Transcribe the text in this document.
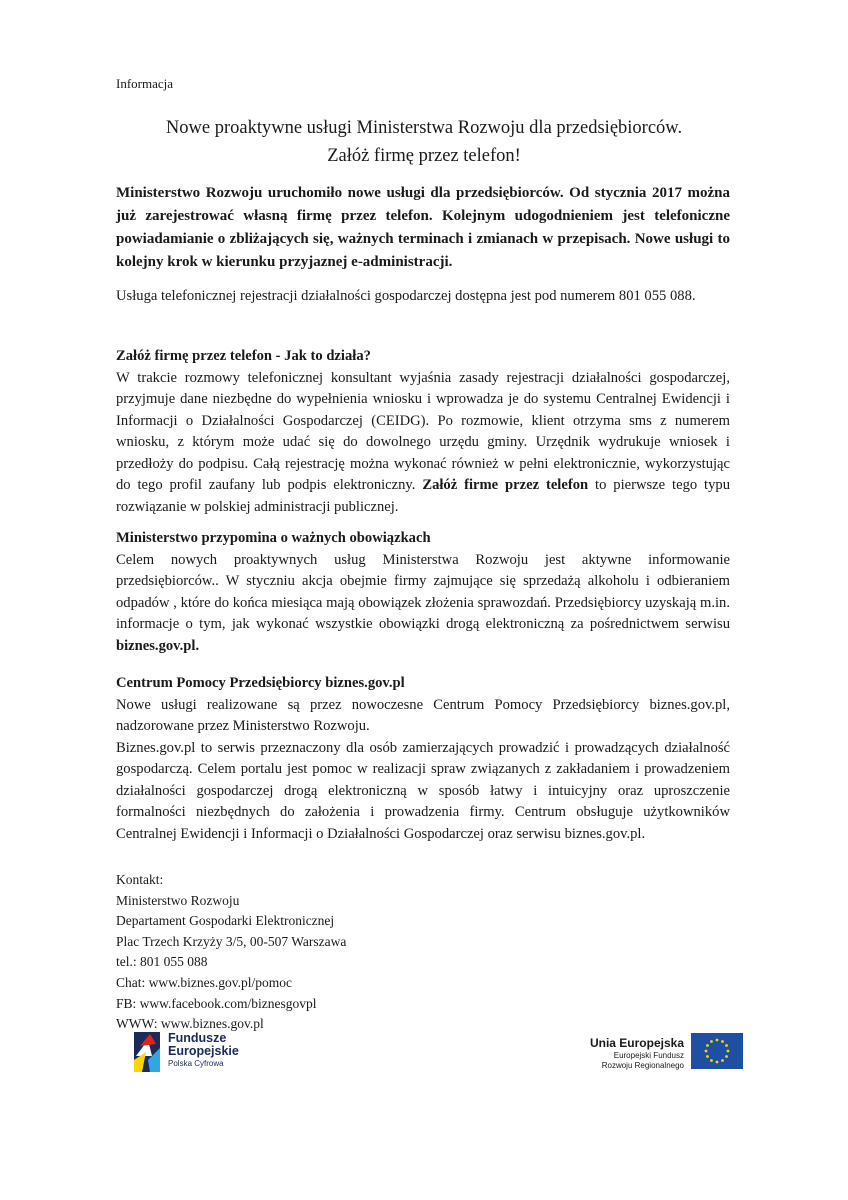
Informacja
Nowe proaktywne usługi Ministerstwa Rozwoju dla przedsiębiorców.
Załóż firmę przez telefon!
Ministerstwo Rozwoju uruchomiło nowe usługi dla przedsiębiorców. Od stycznia 2017 można już zarejestrować własną firmę przez telefon. Kolejnym udogodnieniem jest telefoniczne powiadamianie o zbliżających się, ważnych terminach i zmianach w przepisach. Nowe usługi to kolejny krok w kierunku przyjaznej e-administracji.

Usługa telefonicznej rejestracji działalności gospodarczej dostępna jest pod numerem 801 055 088.

Załóż firmę przez telefon - Jak to działa?

W trakcie rozmowy telefonicznej konsultant wyjaśnia zasady rejestracji działalności gospodarczej, przyjmuje dane niezbędne do wypełnienia wniosku i wprowadza je do systemu Centralnej Ewidencji i Informacji o Działalności Gospodarczej (CEIDG). Po rozmowie, klient otrzyma sms z numerem wniosku, z którym może udać się do dowolnego urzędu gminy. Urzędnik wydrukuje wniosek i przedłoży do podpisu. Całą rejestrację można wykonać również w pełni elektronicznie, wykorzystując do tego profil zaufany lub podpis elektroniczny. Załóż firme przez telefon to pierwsze tego typu rozwiązanie w polskiej administracji publicznej.

Ministerstwo przypomina o ważnych obowiązkach

Celem nowych proaktywnych usług Ministerstwa Rozwoju jest aktywne informowanie przedsiębiorców.. W styczniu akcja obejmie firmy zajmujące się sprzedażą alkoholu i odbieraniem odpadów , które do końca miesiąca mają obowiązek złożenia sprawozdań. Przedsiębiorcy uzyskają m.in. informacje o tym, jak wykonać wszystkie obowiązki drogą elektroniczną za pośrednictwem serwisu biznes.gov.pl.

Centrum Pomocy Przedsiębiorcy biznes.gov.pl

Nowe usługi realizowane są przez nowoczesne Centrum Pomocy Przedsiębiorcy biznes.gov.pl, nadzorowane przez Ministerstwo Rozwoju.

Biznes.gov.pl to serwis przeznaczony dla osób zamierzających prowadzić i prowadzących działalność gospodarczą. Celem portalu jest pomoc w realizacji spraw związanych z zakładaniem i prowadzeniem działalności gospodarczej drogą elektroniczną w sposób łatwy i intuicyjny oraz uproszczenie formalności niezbędnych do założenia i prowadzenia firmy. Centrum obsługuje użytkowników Centralnej Ewidencji i Informacji o Działalności Gospodarczej oraz serwisu biznes.gov.pl.

Kontakt:
Ministerstwo Rozwoju
Departament Gospodarki Elektronicznej
Plac Trzech Krzyży 3/5, 00-507 Warszawa
tel.: 801 055 088
Chat: www.biznes.gov.pl/pomoc
FB: www.facebook.com/biznesgovpl
WWW: www.biznes.gov.pl
Fundusze
Europejskie
Polska Cyfrowa
Unia Europejska
Europejski Fundusz
Rozwoju Regionalnego
